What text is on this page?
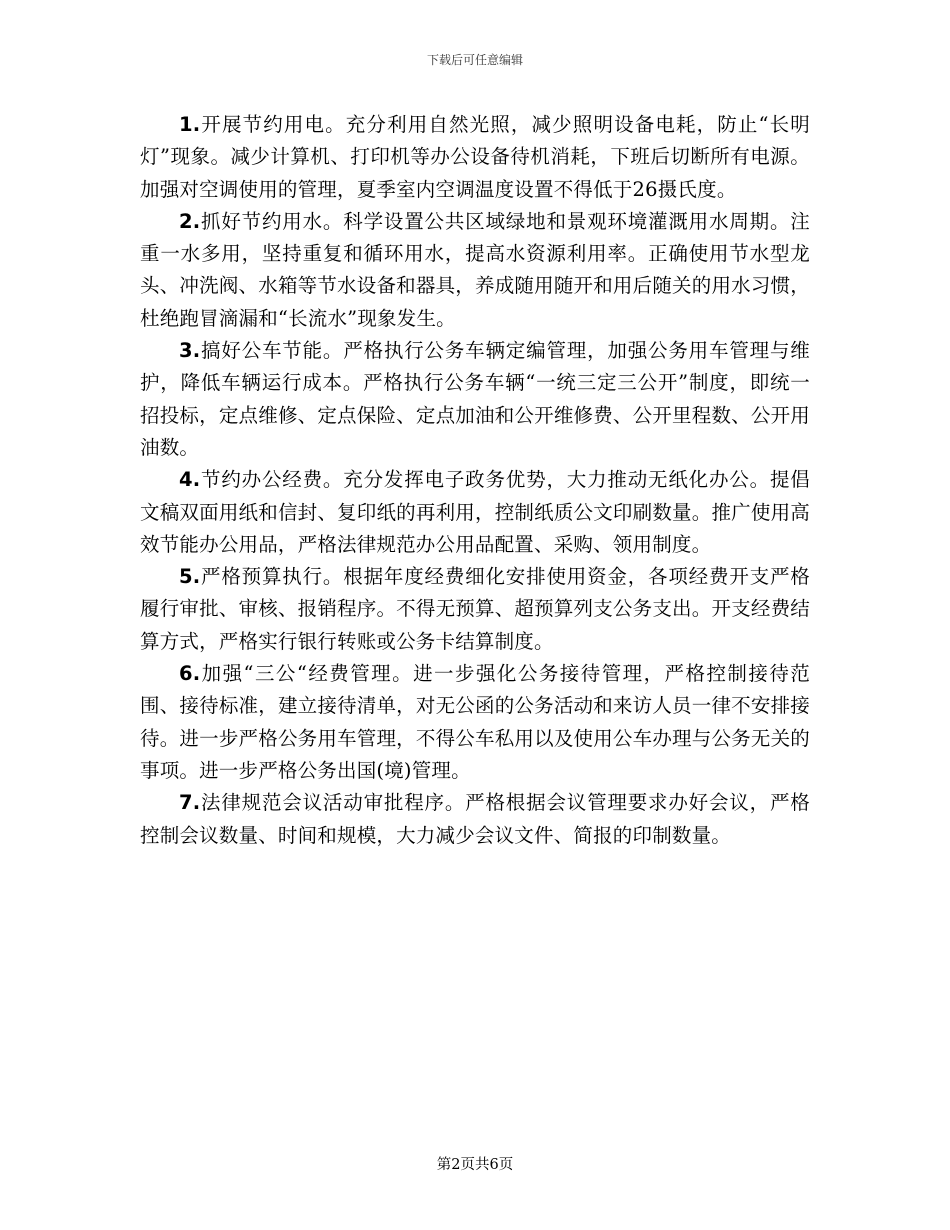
下载后可任意编辑

1.开展节约用电。充分利用自然光照，减少照明设备电耗，防止“长明灯”现象。减少计算机、打印机等办公设备待机消耗，下班后切断所有电源。加强对空调使用的管理，夏季室内空调温度设置不得低于26摄氏度。

2.抓好节约用水。科学设置公共区域绿地和景观环境灌溉用水周期。注重一水多用，坚持重复和循环用水，提高水资源利用率。正确使用节水型龙头、冲洗阀、水箱等节水设备和器具，养成随用随开和用后随关的用水习惯，杜绝跑冒滴漏和“长流水”现象发生。

3.搞好公车节能。严格执行公务车辆定编管理，加强公务用车管理与维护，降低车辆运行成本。严格执行公务车辆“一统三定三公开”制度，即统一招投标，定点维修、定点保险、定点加油和公开维修费、公开里程数、公开用油数。

4.节约办公经费。充分发挥电子政务优势，大力推动无纸化办公。提倡文稿双面用纸和信封、复印纸的再利用，控制纸质公文印刷数量。推广使用高效节能办公用品，严格法律规范办公用品配置、采购、领用制度。

5.严格预算执行。根据年度经费细化安排使用资金，各项经费开支严格履行审批、审核、报销程序。不得无预算、超预算列支公务支出。开支经费结算方式，严格实行银行转账或公务卡结算制度。

6.加强“三公“经费管理。进一步强化公务接待管理，严格控制接待范围、接待标准，建立接待清单，对无公函的公务活动和来访人员一律不安排接待。进一步严格公务用车管理，不得公车私用以及使用公车办理与公务无关的事项。进一步严格公务出国(境)管理。

7.法律规范会议活动审批程序。严格根据会议管理要求办好会议，严格控制会议数量、时间和规模，大力减少会议文件、简报的印制数量。

第2页共6页
